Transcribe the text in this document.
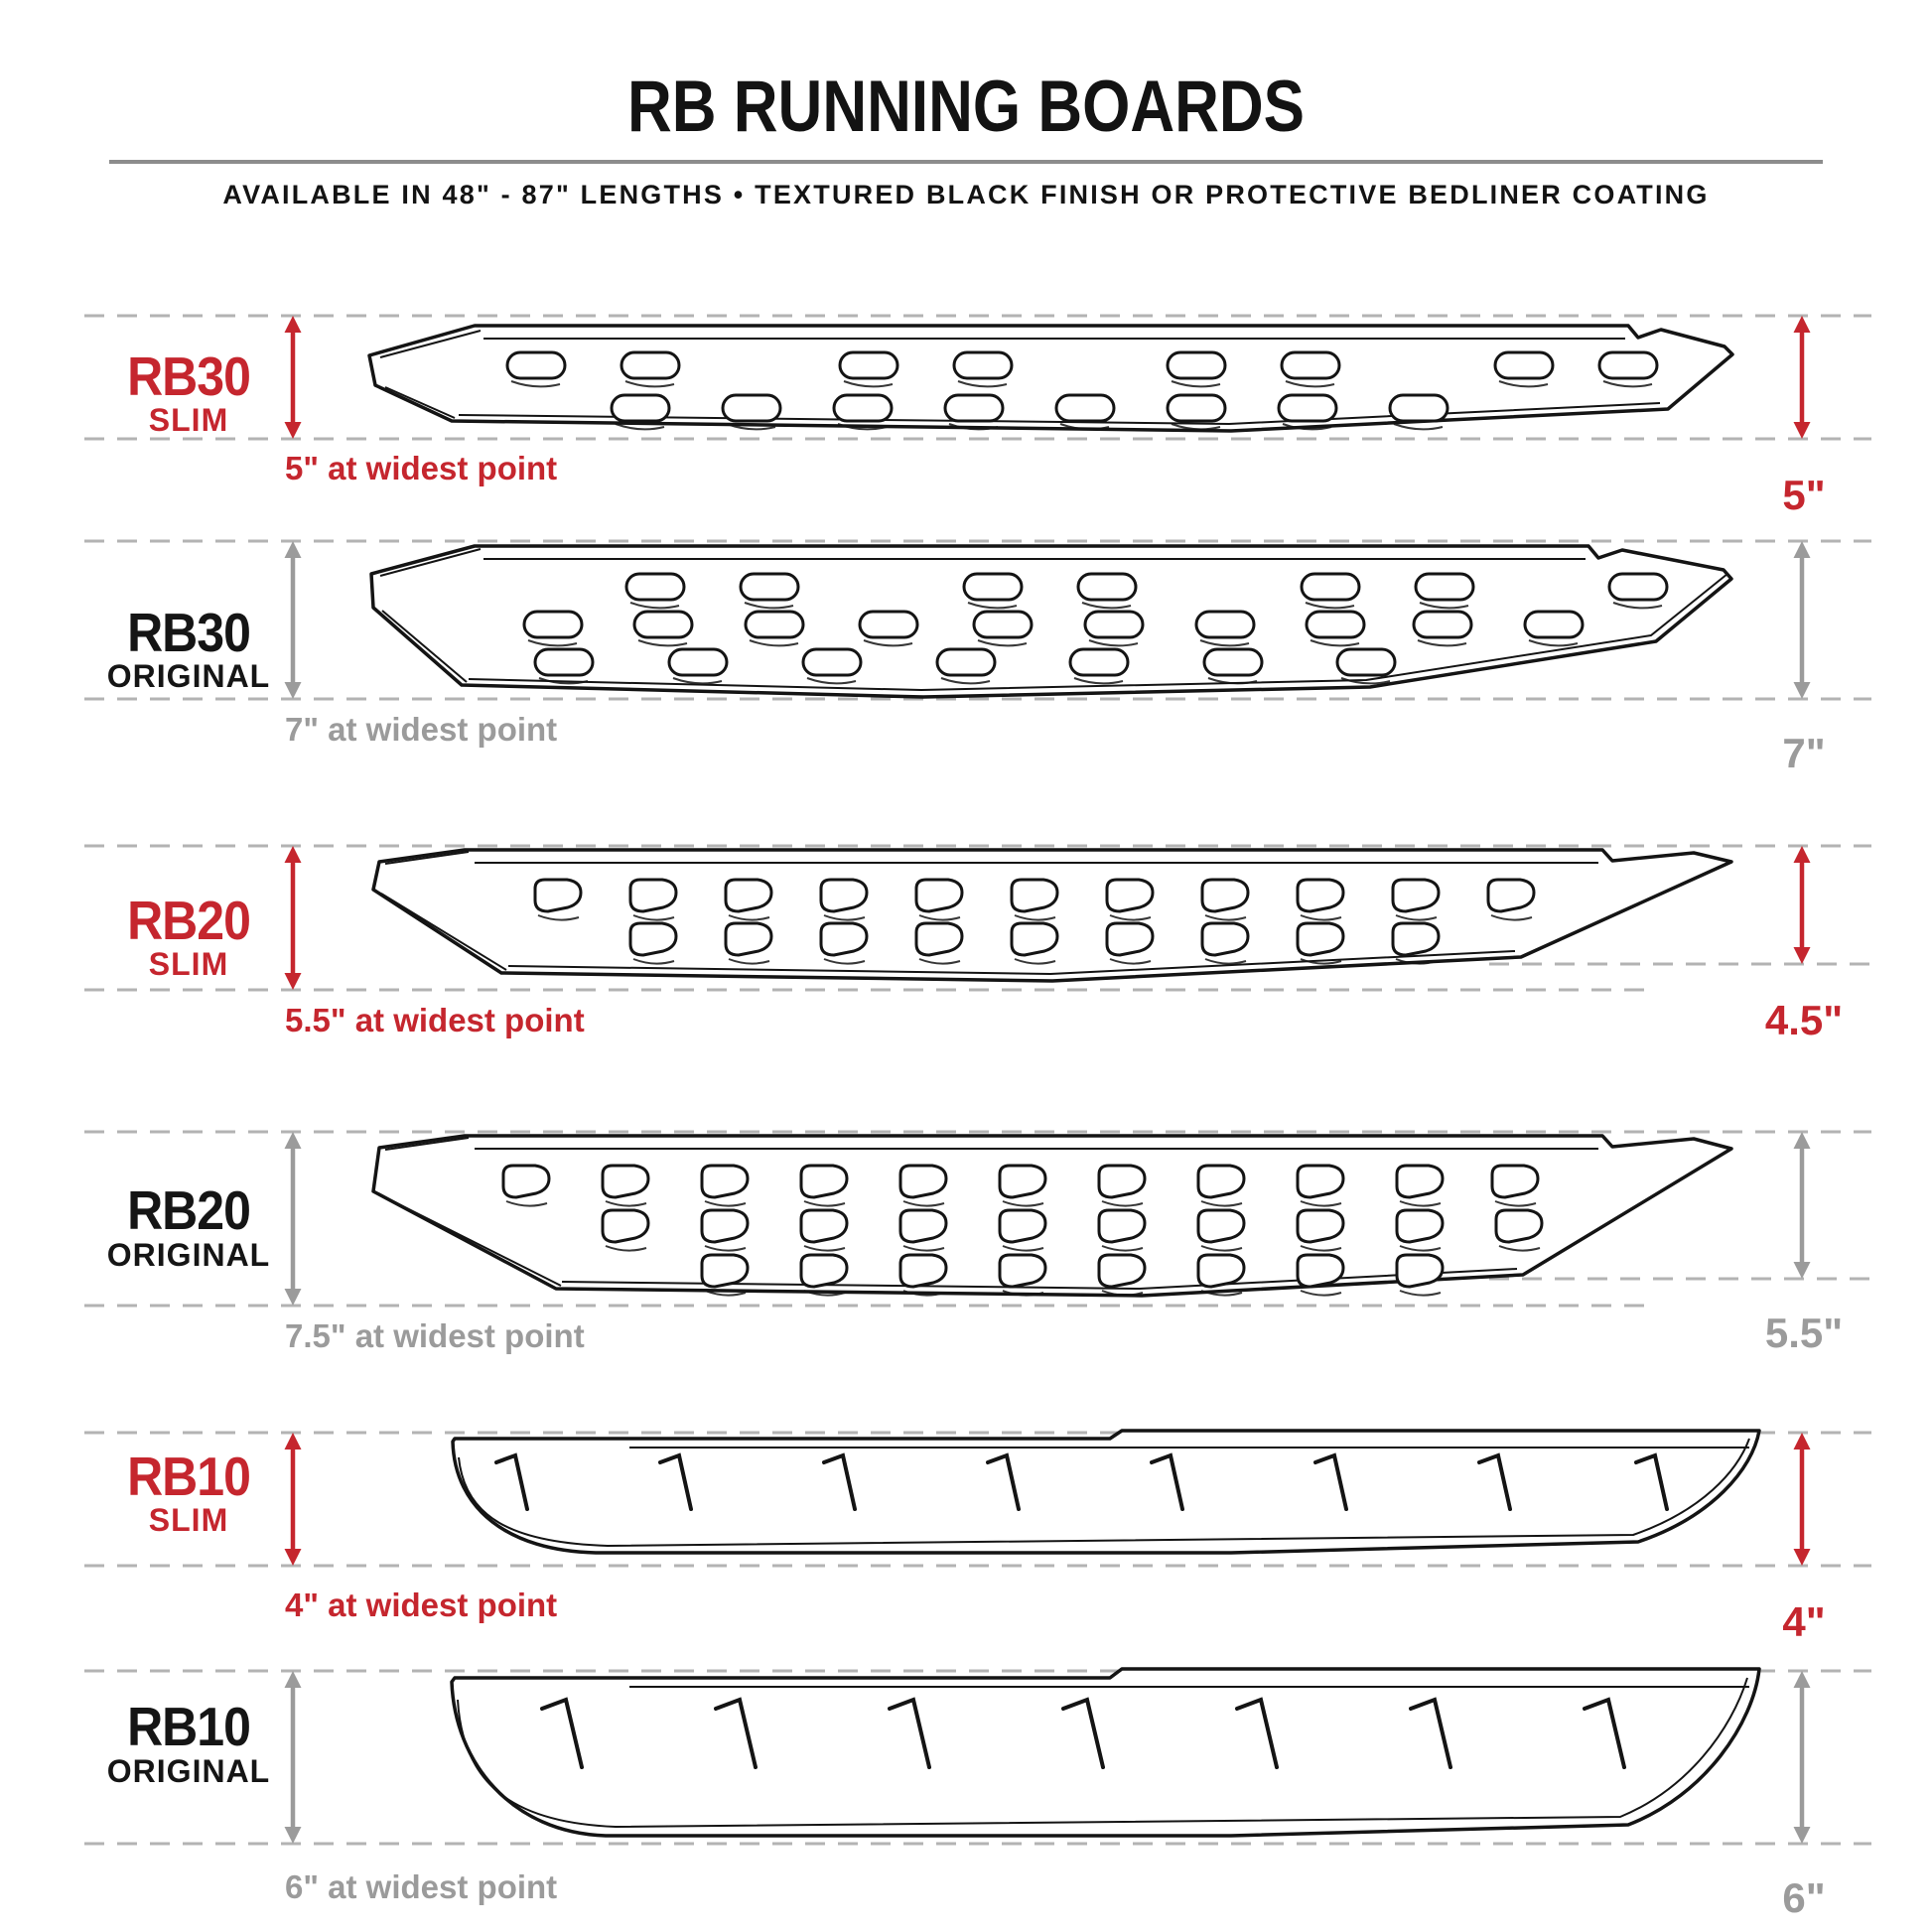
RB RUNNING BOARDS
AVAILABLE IN 48" - 87" LENGTHS • TEXTURED BLACK FINISH OR PROTECTIVE BEDLINER COATING
RB30
SLIM
5" at widest point
5"
RB30
ORIGINAL
7" at widest point
7"
RB20
SLIM
5.5" at widest point	4.5"
RB20
ORIGINAL
7.5" at widest point	5.5"
RB10
SLIM
4" at widest point	4"
RB10
ORIGINAL
6" at widest point	6"
